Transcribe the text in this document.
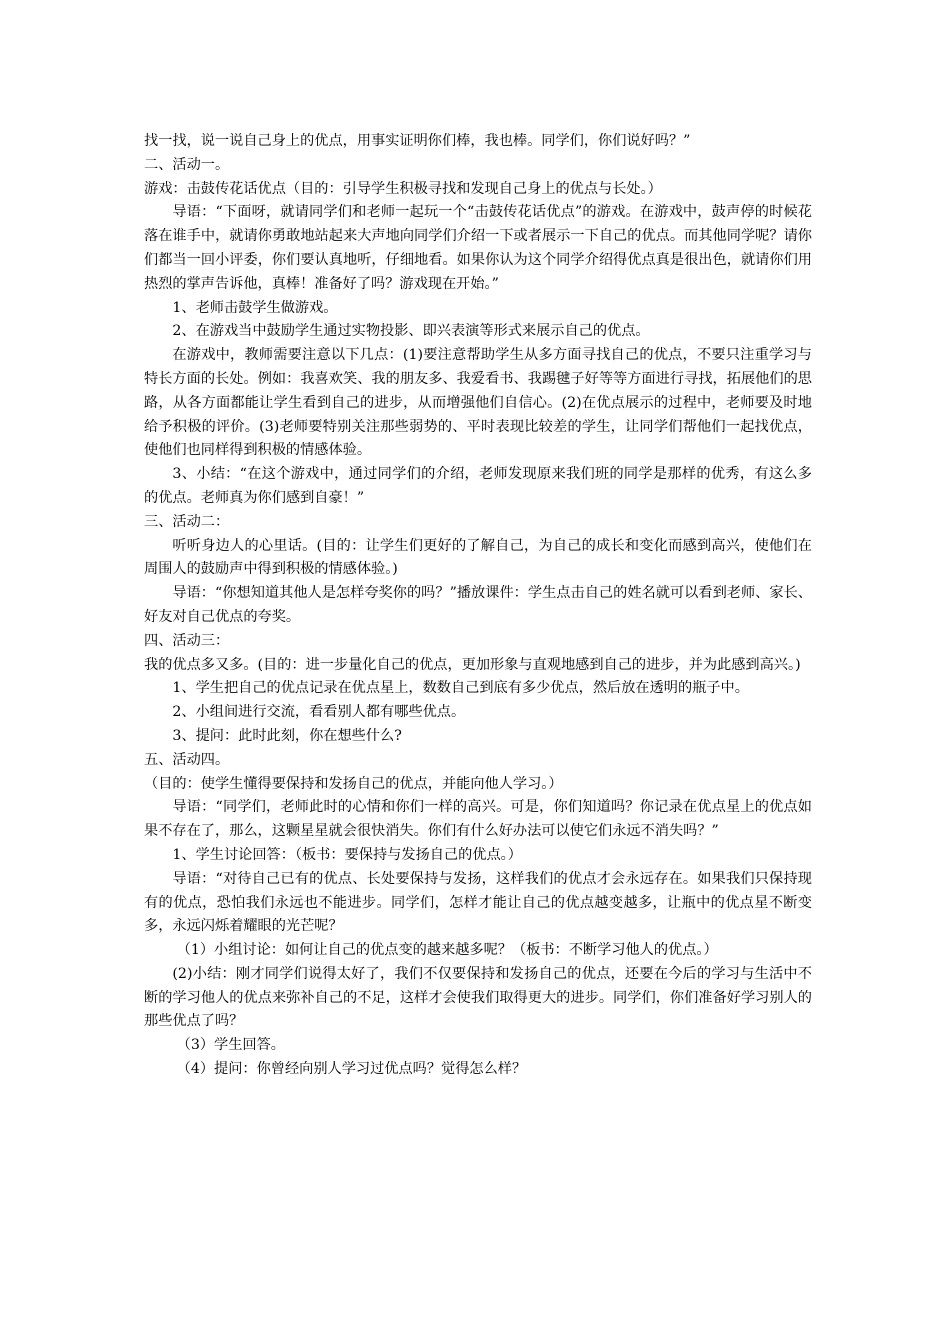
找一找，说一说自己身上的优点，用事实证明你们棒，我也棒。同学们，你们说好吗？”

二、活动一。

游戏：击鼓传花话优点（目的：引导学生积极寻找和发现自己身上的优点与长处。）

导语：“下面呀，就请同学们和老师一起玩一个“击鼓传花话优点”的游戏。在游戏中，鼓声停的时候花落在谁手中，就请你勇敢地站起来大声地向同学们介绍一下或者展示一下自己的优点。而其他同学呢？请你们都当一回小评委，你们要认真地听，仔细地看。如果你认为这个同学介绍得优点真是很出色，就请你们用热烈的掌声告诉他，真棒！准备好了吗？游戏现在开始。”

1、老师击鼓学生做游戏。

2、在游戏当中鼓励学生通过实物投影、即兴表演等形式来展示自己的优点。

在游戏中，教师需要注意以下几点：(1)要注意帮助学生从多方面寻找自己的优点，不要只注重学习与特长方面的长处。例如：我喜欢笑、我的朋友多、我爱看书、我踢毽子好等等方面进行寻找，拓展他们的思路，从各方面都能让学生看到自己的进步，从而增强他们自信心。(2)在优点展示的过程中，老师要及时地给予积极的评价。(3)老师要特别关注那些弱势的、平时表现比较差的学生，让同学们帮他们一起找优点，使他们也同样得到积极的情感体验。

3、小结：“在这个游戏中，通过同学们的介绍，老师发现原来我们班的同学是那样的优秀，有这么多的优点。老师真为你们感到自豪！”

三、活动二：

听听身边人的心里话。(目的：让学生们更好的了解自己，为自己的成长和变化而感到高兴，使他们在周围人的鼓励声中得到积极的情感体验。)

导语：“你想知道其他人是怎样夸奖你的吗？”播放课件：学生点击自己的姓名就可以看到老师、家长、好友对自己优点的夸奖。

四、活动三：

我的优点多又多。(目的：进一步量化自己的优点，更加形象与直观地感到自己的进步，并为此感到高兴。)

1、学生把自己的优点记录在优点星上，数数自己到底有多少优点，然后放在透明的瓶子中。

2、小组间进行交流，看看别人都有哪些优点。

3、提问：此时此刻，你在想些什么?

五、活动四。

（目的：使学生懂得要保持和发扬自己的优点，并能向他人学习。）

导语：“同学们，老师此时的心情和你们一样的高兴。可是，你们知道吗？你记录在优点星上的优点如果不存在了，那么，这颗星星就会很快消失。你们有什么好办法可以使它们永远不消失吗？”

1、学生讨论回答：（板书：要保持与发扬自己的优点。）

导语：“对待自己已有的优点、长处要保持与发扬，这样我们的优点才会永远存在。如果我们只保持现有的优点，恐怕我们永远也不能进步。同学们，怎样才能让自己的优点越变越多，让瓶中的优点星不断变多，永远闪烁着耀眼的光芒呢？

（1）小组讨论：如何让自己的优点变的越来越多呢？（板书：不断学习他人的优点。）

(2)小结：刚才同学们说得太好了，我们不仅要保持和发扬自己的优点，还要在今后的学习与生活中不断的学习他人的优点来弥补自己的不足，这样才会使我们取得更大的进步。同学们，你们准备好学习别人的那些优点了吗？

（3）学生回答。

（4）提问：你曾经向别人学习过优点吗？觉得怎么样？
